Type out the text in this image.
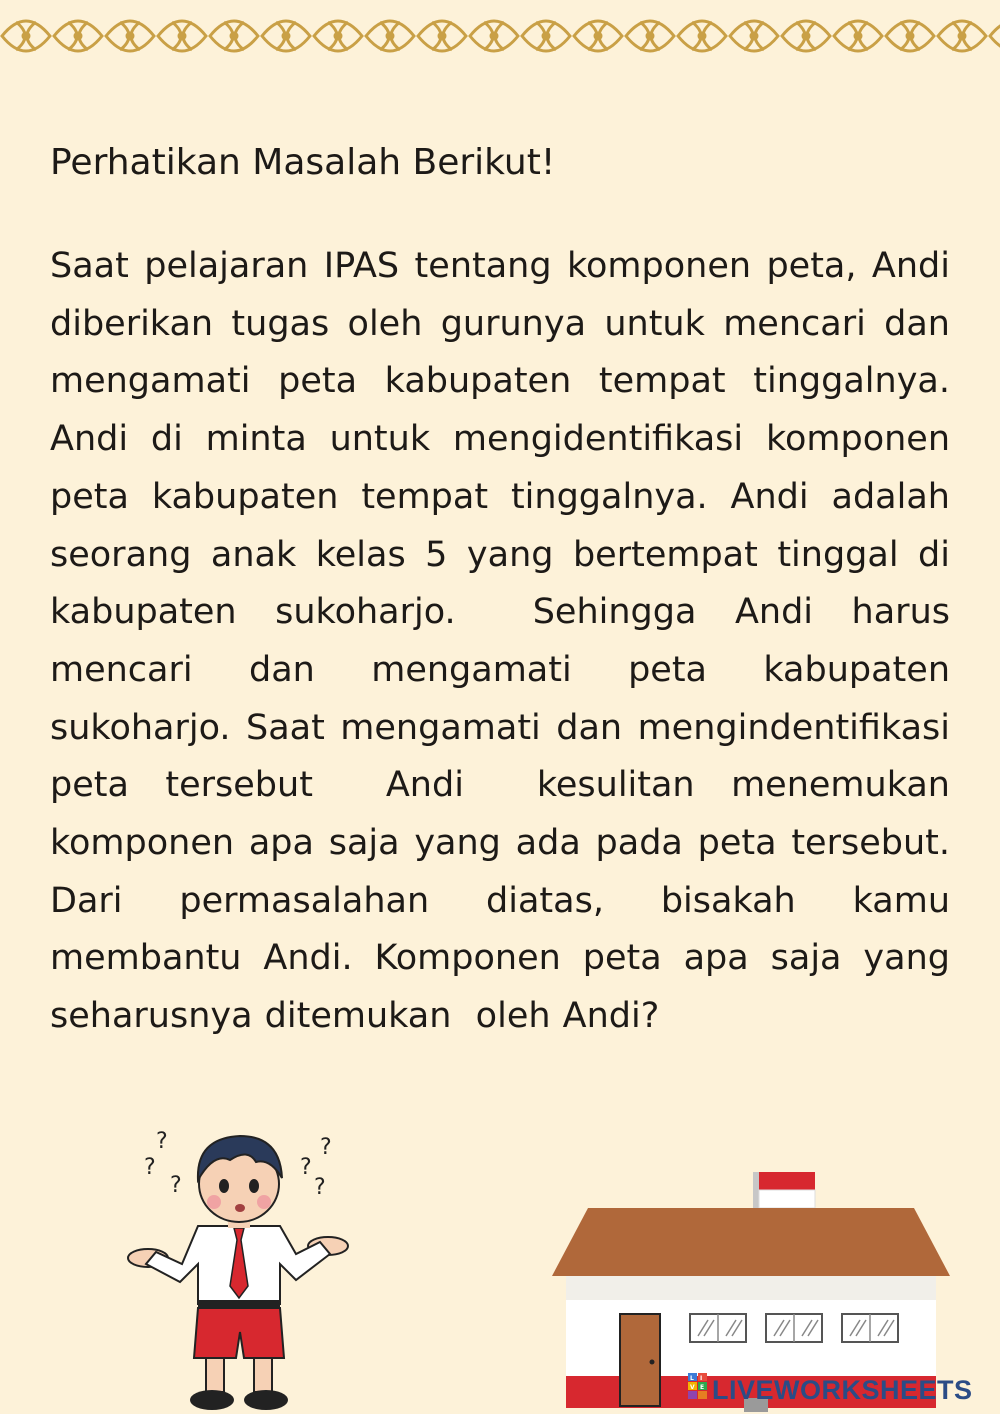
Perhatikan Masalah Berikut!

Saat pelajaran IPAS tentang komponen peta, Andi diberikan tugas oleh gurunya untuk mencari dan   mengamati peta kabupaten tempat tinggalnya. Andi di minta untuk mengidentifikasi komponen peta kabupaten tempat tinggalnya. Andi adalah seorang anak kelas 5 yang bertempat tinggal di kabupaten sukoharjo.  Sehingga Andi harus mencari dan mengamati peta kabupaten sukoharjo. Saat mengamati dan mengindentifikasi peta tersebut  Andi  kesulitan menemukan komponen apa saja yang ada pada peta tersebut. Dari permasalahan diatas, bisakah kamu membantu Andi. Komponen peta apa saja yang seharusnya ditemukan  oleh Andi?

?
?
?
?
?
?
L I
V E LIVEWORKSHEETS
